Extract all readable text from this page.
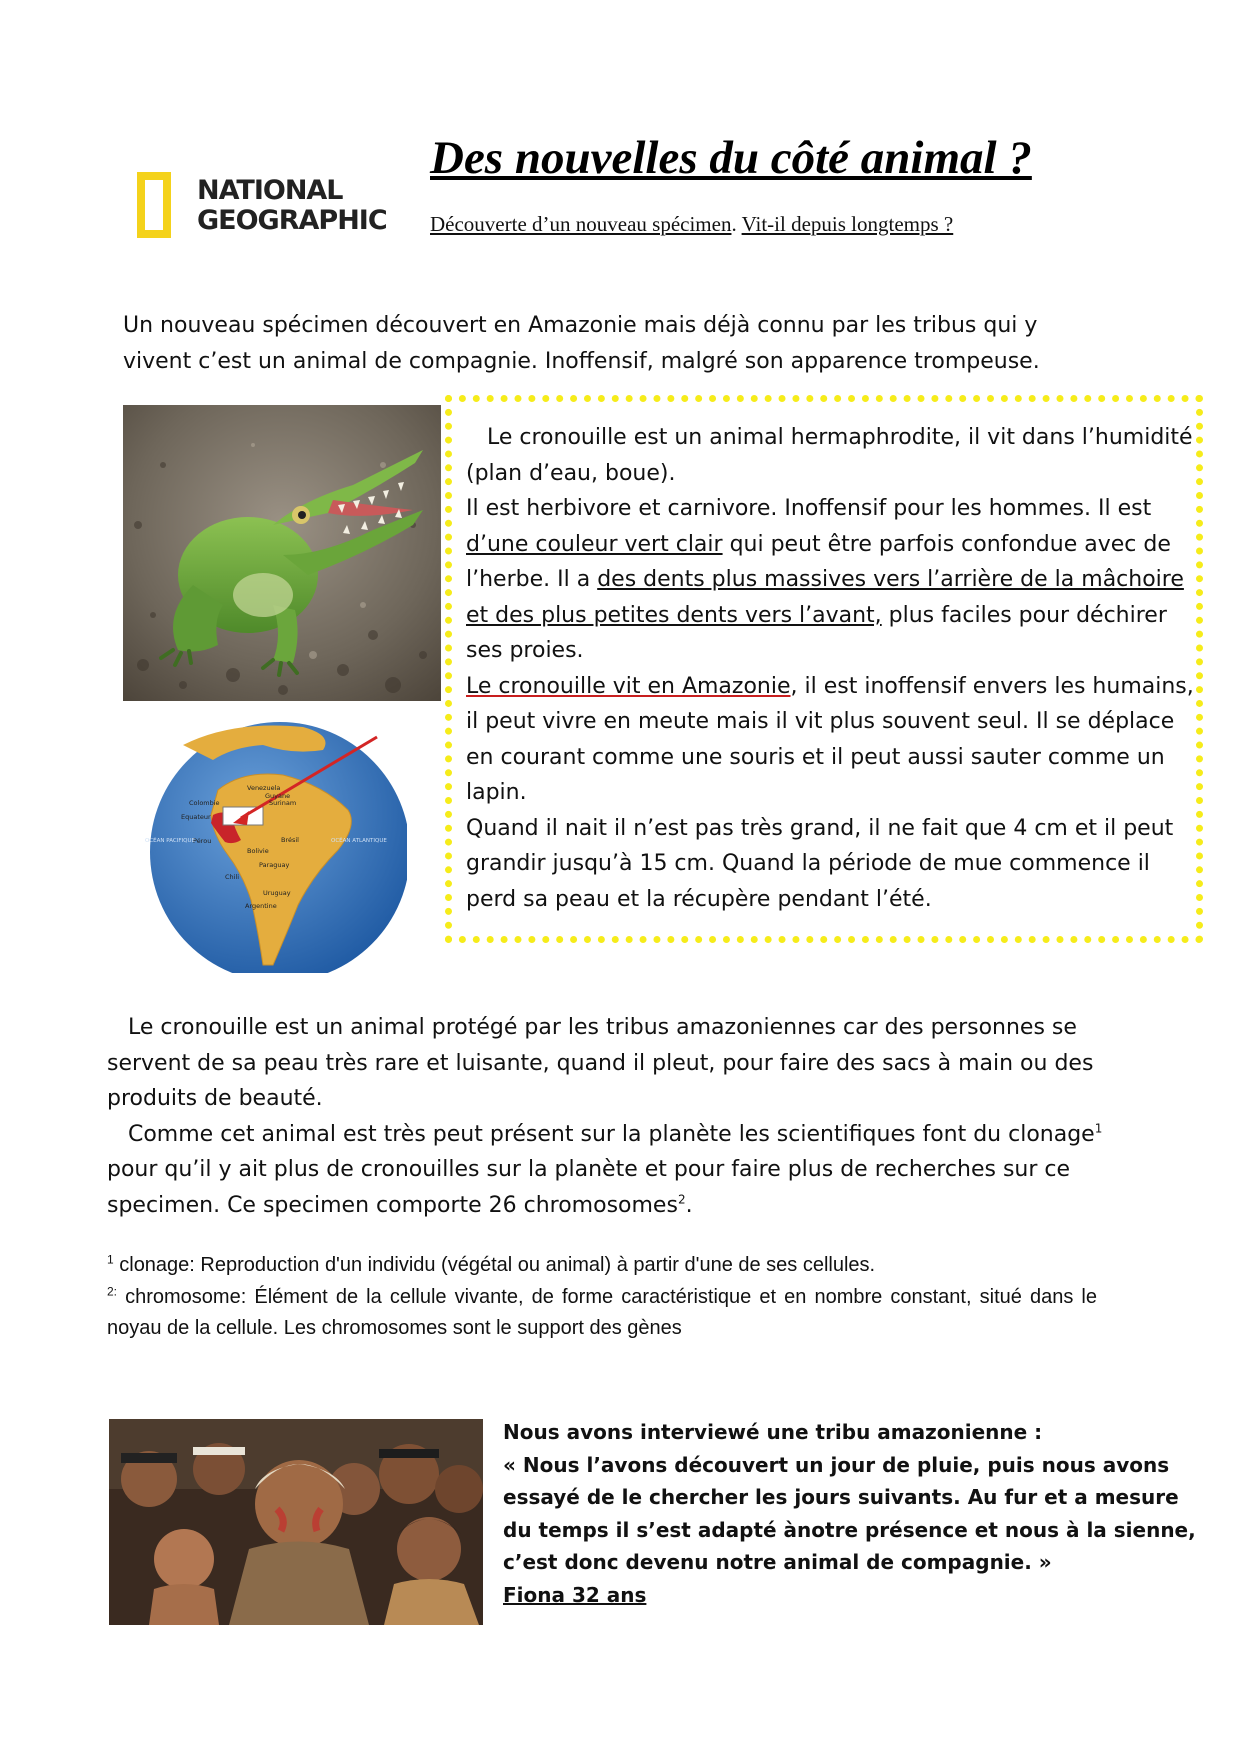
NATIONAL
GEOGRAPHIC
Des nouvelles du côté animal ?
Découverte d’un nouveau spécimen. Vit-il depuis longtemps ?
Un nouveau spécimen découvert en Amazonie mais déjà connu par les tribus qui y
vivent c’est un animal de compagnie. Inoffensif, malgré son apparence trompeuse.
Venezuela
Guyane
Surinam
Colombie
Equateur
Pérou	Brésil
Bolivie
Paraguay
Chili
Uruguay
Argentine
OCÉAN PACIFIQUE	OCÉAN ATLANTIQUE

Le cronouille est un animal hermaphrodite, il vit dans l’humidité (plan d’eau, boue).

Il est herbivore et carnivore. Inoffensif pour les hommes. Il est d’une couleur vert clair qui peut être parfois confondue avec de l’herbe. Il a des dents plus massives vers l’arrière de la mâchoire et des plus petites dents vers l’avant, plus faciles pour déchirer ses proies.

Le cronouille vit en Amazonie, il est inoffensif envers les humains, il peut vivre en meute mais il vit plus souvent seul. Il se déplace en courant comme une souris et il peut aussi sauter comme un lapin.

Quand il nait il n’est pas très grand, il ne fait que 4 cm et il peut grandir jusqu’à 15 cm. Quand la période de mue commence il perd sa peau et la récupère pendant l’été.

Le cronouille est un animal protégé par les tribus amazoniennes car des personnes se servent de sa peau très rare et luisante, quand il pleut, pour faire des sacs à main ou des produits de beauté.

Comme cet animal est très peut présent sur la planète les scientifiques font du clonage$^1$ pour qu’il y ait plus de cronouilles sur la planète et pour faire plus de recherches sur ce specimen. Ce specimen comporte 26 chromosomes$^2$.

$^1$ clonage: Reproduction d'un individu (végétal ou animal) à partir d'une de ses cellules.

$^{2:}$ chromosome: Élément de la cellule vivante, de forme caractéristique et en nombre constant, situé dans le noyau de la cellule. Les chromosomes sont le support des gènes

Nous avons interviewé une tribu amazonienne :

« Nous l’avons découvert un jour de pluie, puis nous avons essayé de le chercher les jours suivants. Au fur et a mesure du temps il s’est adapté ànotre présence et nous à la sienne, c’est donc devenu notre animal de compagnie. »

Fiona 32 ans
